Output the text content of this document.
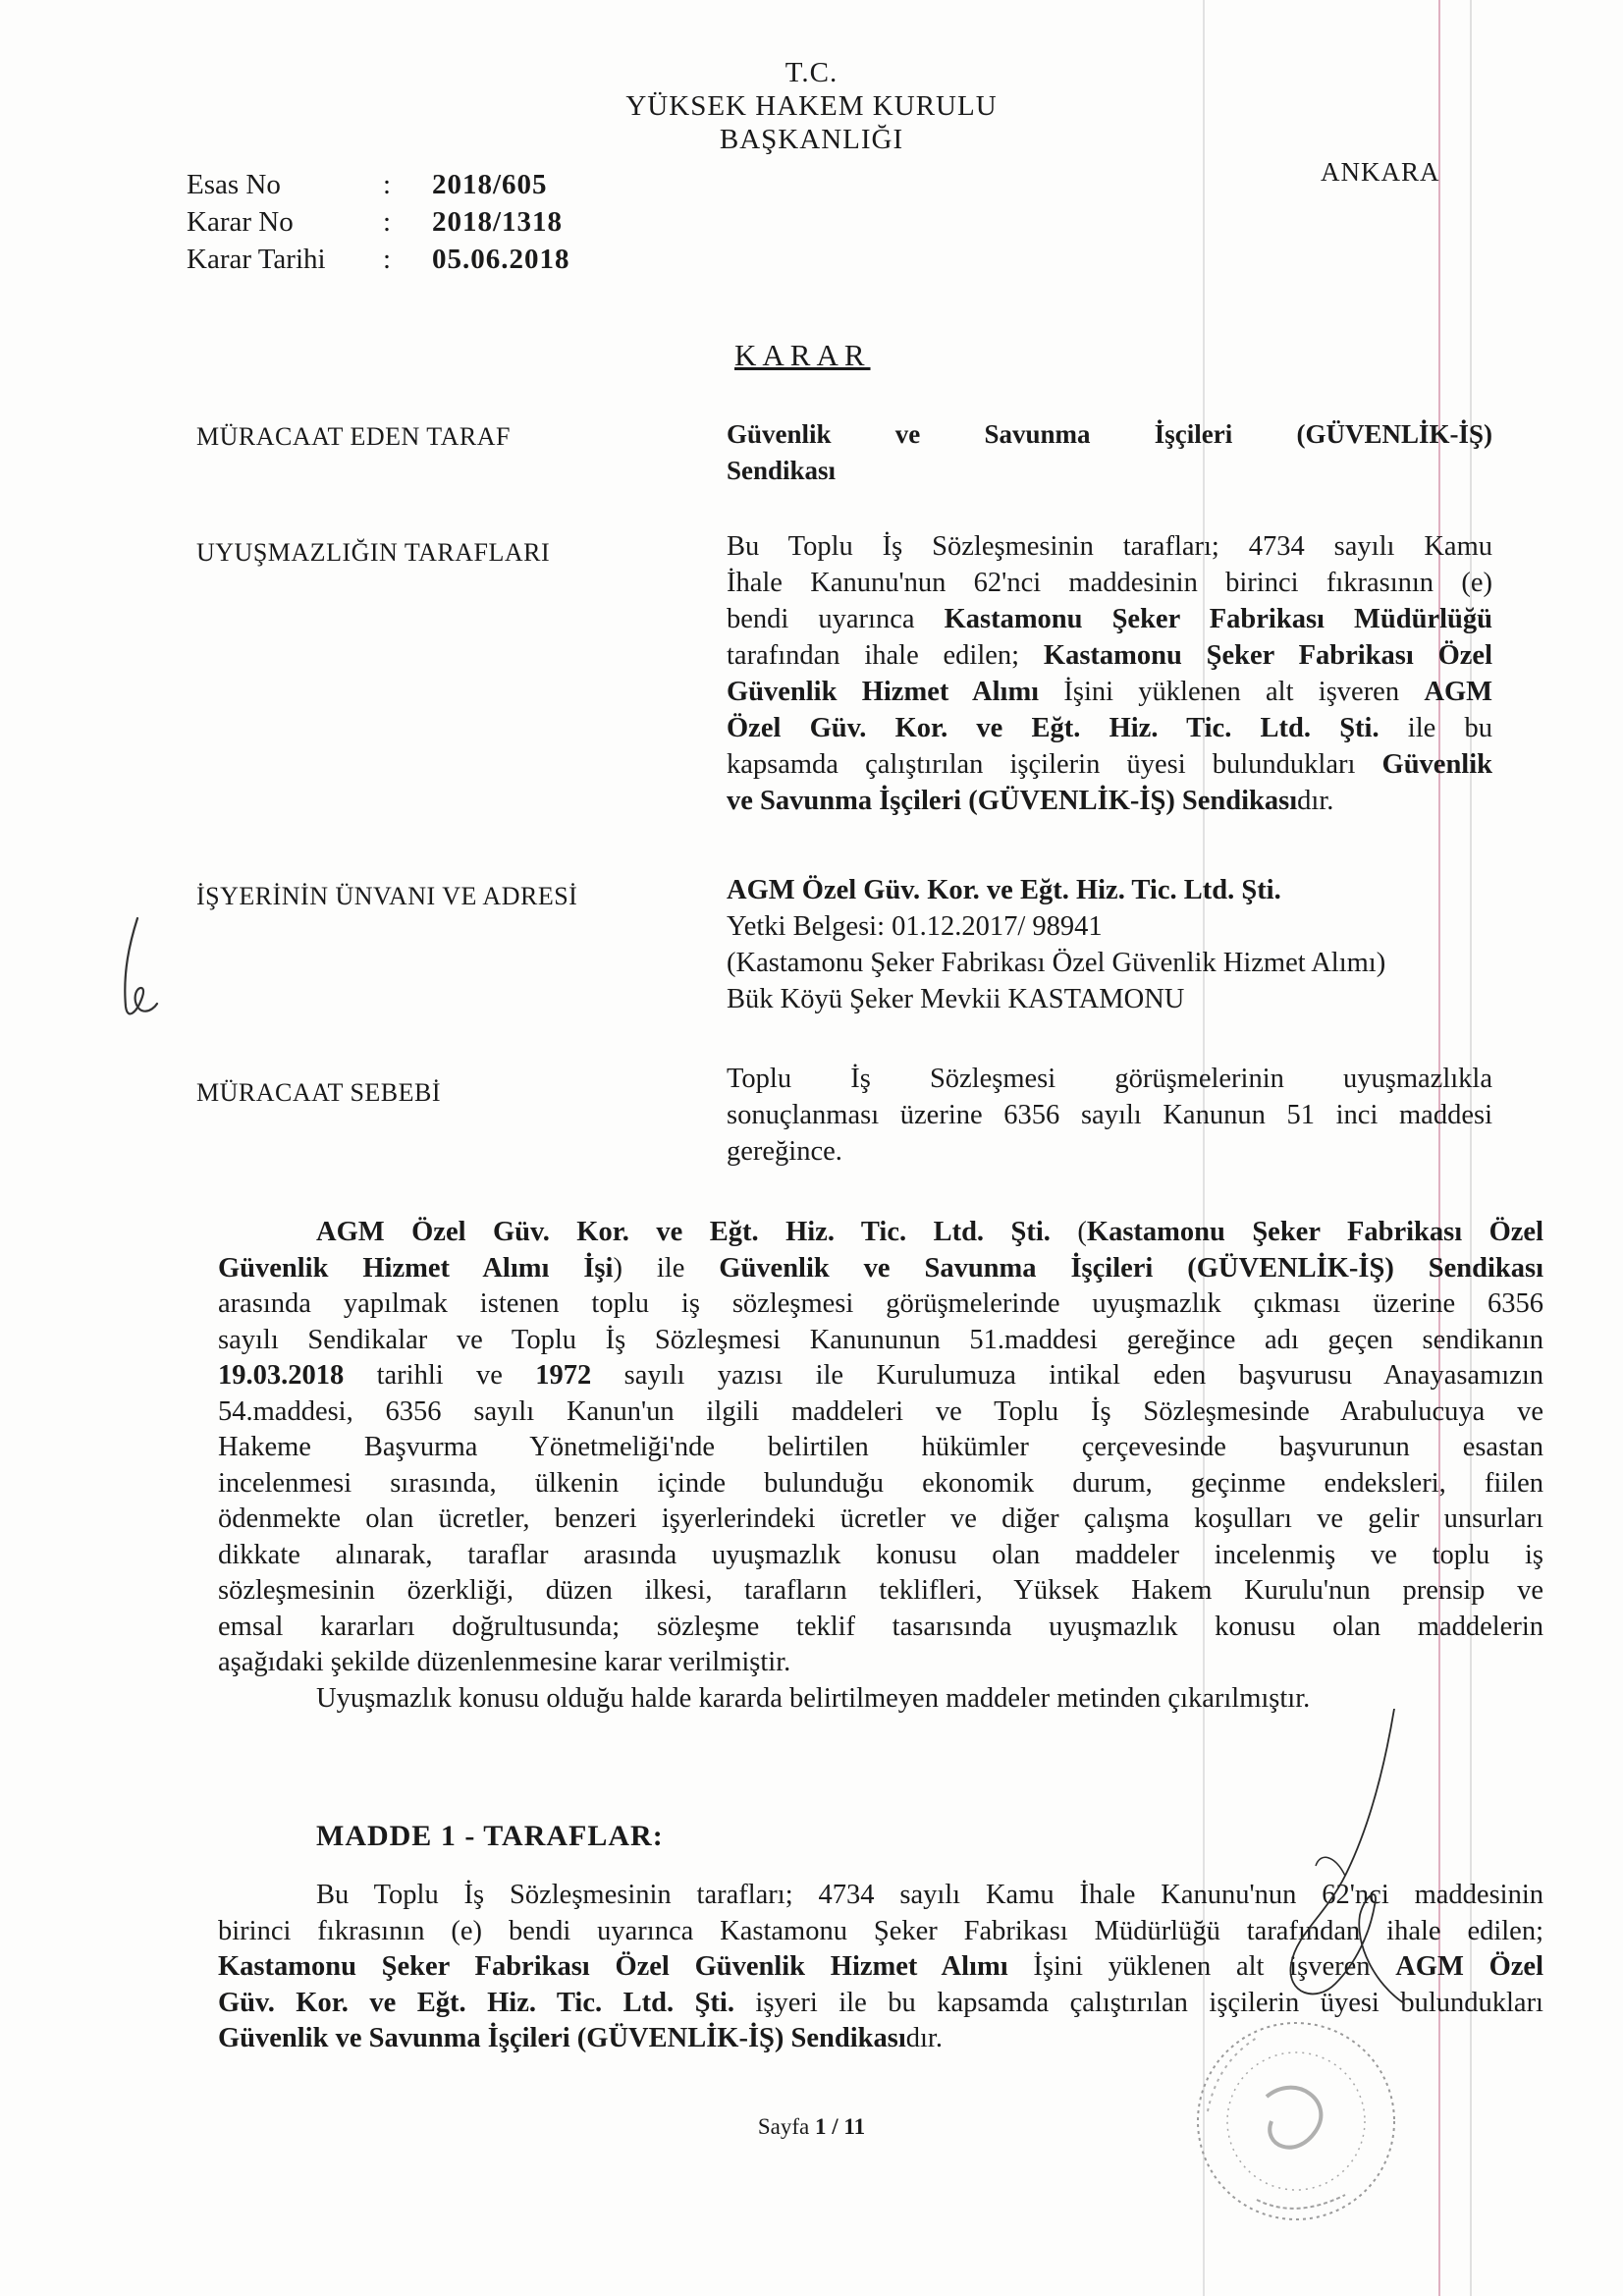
T.C.
YÜKSEK HAKEM KURULU
BAŞKANLIĞI
ANKARA
Esas No	:	2018/605
Karar No	:	2018/1318
Karar Tarihi	:	05.06.2018
KARAR
MÜRACAAT EDEN TARAF	Güvenlik ve Savunma İşçileri (GÜVENLİK-İŞ)
Sendikası
UYUŞMAZLIĞIN TARAFLARI	Bu Toplu İş Sözleşmesinin tarafları; 4734 sayılı Kamu
İhale Kanunu'nun 62'nci maddesinin birinci fıkrasının (e)
bendi uyarınca Kastamonu Şeker Fabrikası Müdürlüğü
tarafından ihale edilen; Kastamonu Şeker Fabrikası Özel
Güvenlik Hizmet Alımı İşini yüklenen alt işveren AGM
Özel Güv. Kor. ve Eğt. Hiz. Tic. Ltd. Şti. ile bu
kapsamda çalıştırılan işçilerin üyesi bulundukları Güvenlik
ve Savunma İşçileri (GÜVENLİK-İŞ) Sendikasıdır.
İŞYERİNİN ÜNVANI VE ADRESİ	AGM Özel Güv. Kor. ve Eğt. Hiz. Tic. Ltd. Şti.
Yetki Belgesi: 01.12.2017/ 98941
(Kastamonu Şeker Fabrikası Özel Güvenlik Hizmet Alımı)
Bük Köyü Şeker Mevkii KASTAMONU
MÜRACAAT SEBEBİ	Toplu İş Sözleşmesi görüşmelerinin uyuşmazlıkla
sonuçlanması üzerine 6356 sayılı Kanunun 51 inci maddesi
gereğince.
AGM Özel Güv. Kor. ve Eğt. Hiz. Tic. Ltd. Şti. (Kastamonu Şeker Fabrikası Özel
Güvenlik Hizmet Alımı İşi) ile Güvenlik ve Savunma İşçileri (GÜVENLİK-İŞ) Sendikası
arasında yapılmak istenen toplu iş sözleşmesi görüşmelerinde uyuşmazlık çıkması üzerine 6356
sayılı Sendikalar ve Toplu İş Sözleşmesi Kanununun 51.maddesi gereğince adı geçen sendikanın
19.03.2018 tarihli ve 1972 sayılı yazısı ile Kurulumuza intikal eden başvurusu Anayasamızın
54.maddesi, 6356 sayılı Kanun'un ilgili maddeleri ve Toplu İş Sözleşmesinde Arabulucuya ve
Hakeme Başvurma Yönetmeliği'nde belirtilen hükümler çerçevesinde başvurunun esastan
incelenmesi sırasında, ülkenin içinde bulunduğu ekonomik durum, geçinme endeksleri, fiilen
ödenmekte olan ücretler, benzeri işyerlerindeki ücretler ve diğer çalışma koşulları ve gelir unsurları
dikkate alınarak, taraflar arasında uyuşmazlık konusu olan maddeler incelenmiş ve toplu iş
sözleşmesinin özerkliği, düzen ilkesi, tarafların teklifleri, Yüksek Hakem Kurulu'nun prensip ve
emsal kararları doğrultusunda; sözleşme teklif tasarısında uyuşmazlık konusu olan maddelerin
aşağıdaki şekilde düzenlenmesine karar verilmiştir.
Uyuşmazlık konusu olduğu halde kararda belirtilmeyen maddeler metinden çıkarılmıştır.
MADDE 1 - TARAFLAR:
Bu Toplu İş Sözleşmesinin tarafları; 4734 sayılı Kamu İhale Kanunu'nun 62'nci maddesinin
birinci fıkrasının (e) bendi uyarınca Kastamonu Şeker Fabrikası Müdürlüğü tarafından ihale edilen;
Kastamonu Şeker Fabrikası Özel Güvenlik Hizmet Alımı İşini yüklenen alt işveren AGM Özel
Güv. Kor. ve Eğt. Hiz. Tic. Ltd. Şti. işyeri ile bu kapsamda çalıştırılan işçilerin üyesi bulundukları
Güvenlik ve Savunma İşçileri (GÜVENLİK-İŞ) Sendikasıdır.
Sayfa 1 / 11
